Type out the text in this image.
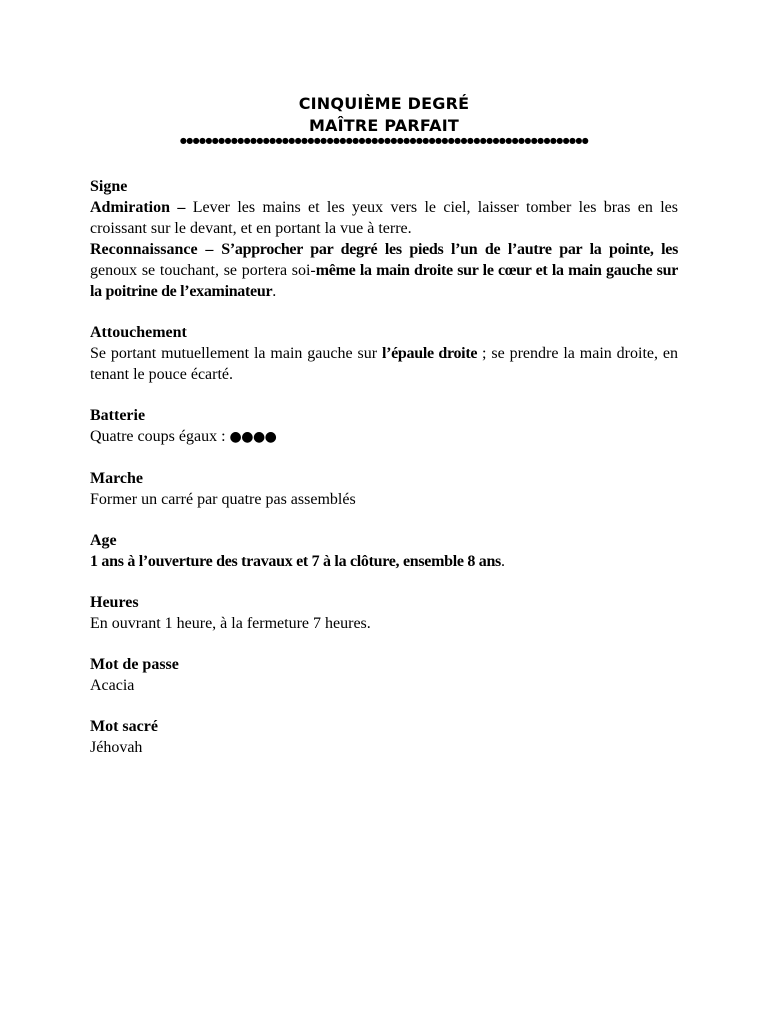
CINQUIÈME DEGRÉ
MAÎTRE PARFAIT
●●●●●●●●●●●●●●●●●●●●●●●●●●●●●●●●●●●●●●●●●●●●●●●●●●●●●●●●●●●●●●●●

Signe

Admiration – Lever les mains et les yeux vers le ciel, laisser tomber les bras en les croissant sur le devant, et en portant la vue à terre.

Reconnaissance – S’approcher par degré les pieds l’un de l’autre par la pointe, les genoux se touchant, se portera soi-même la main droite sur le cœur et la main gauche sur la poitrine de l’examinateur.

Attouchement

Se portant mutuellement la main gauche sur l’épaule droite ; se prendre la main droite, en tenant le pouce écarté.

Batterie

Quatre coups égaux : ●●●●

Marche

Former un carré par quatre pas assemblés

Age

1 ans à l’ouverture des travaux et 7 à la clôture, ensemble 8 ans.

Heures

En ouvrant 1 heure, à la fermeture 7 heures.

Mot de passe

Acacia

Mot sacré

Jéhovah
